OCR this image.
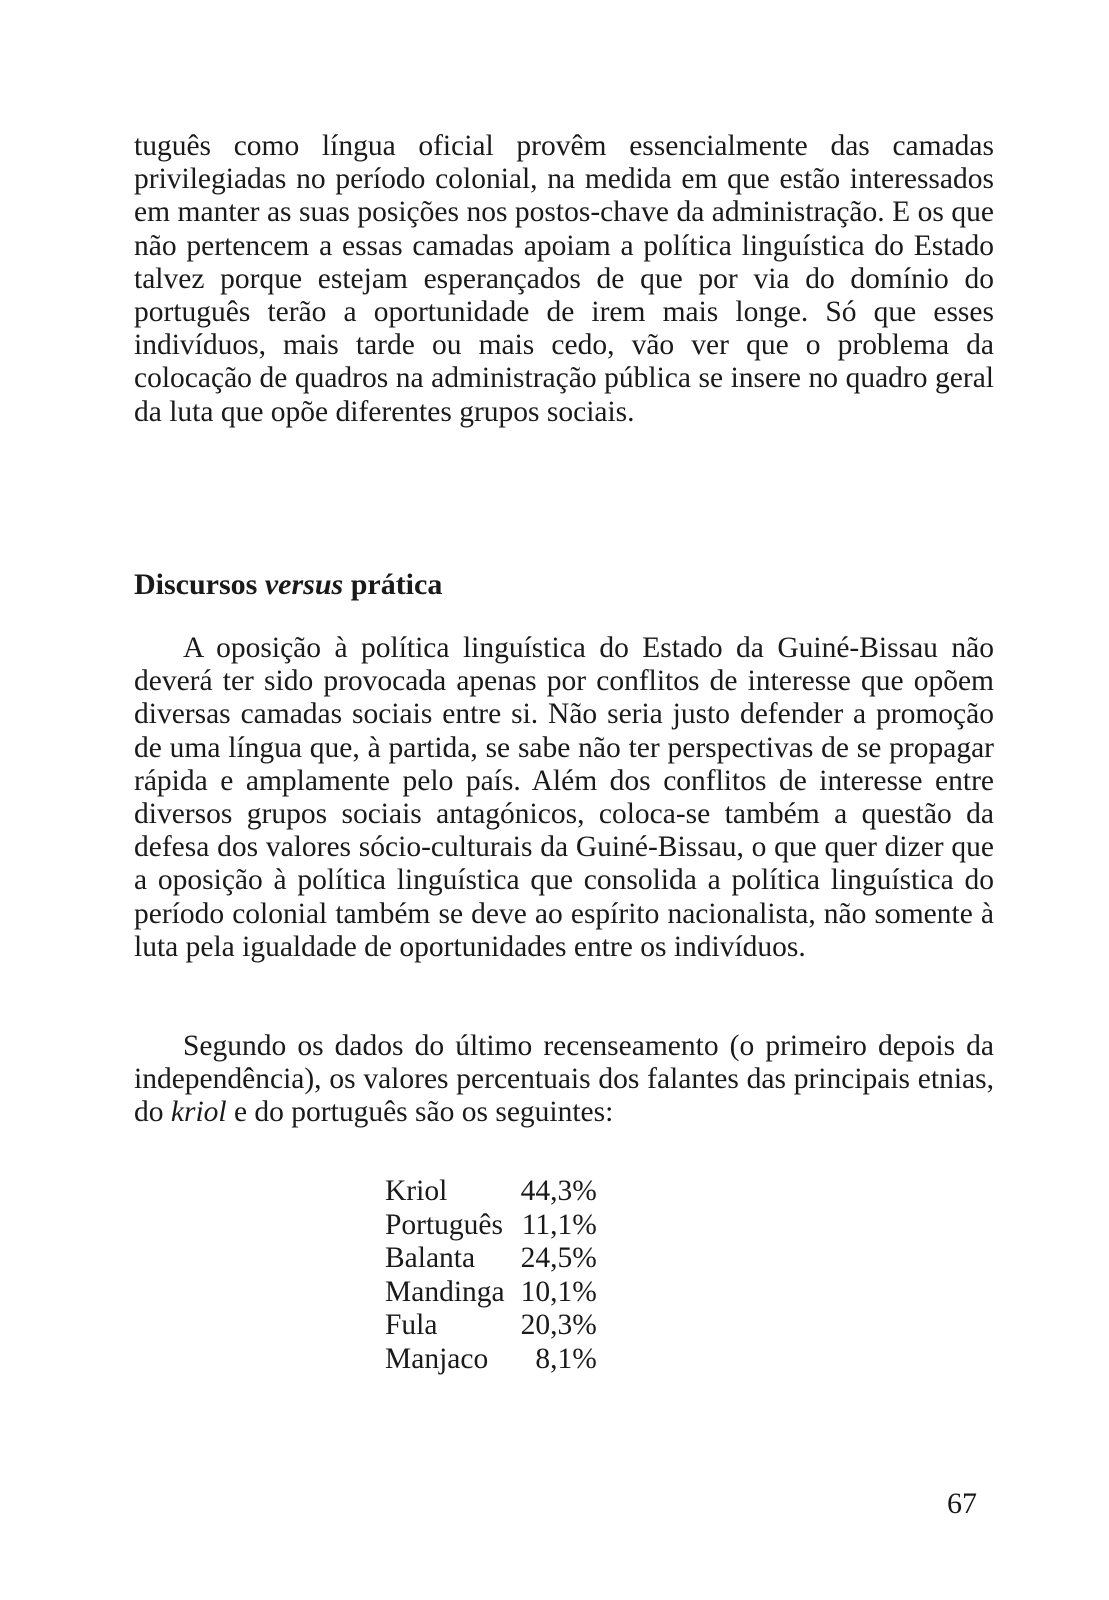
tuguês como língua oficial provêm essencialmente das camadas privilegiadas no período colonial, na medida em que estão interessados em manter as suas posições nos postos-chave da administração. E os que não pertencem a essas camadas apoiam a política linguística do Estado talvez porque estejam esperançados de que por via do domínio do português terão a oportunidade de irem mais longe. Só que esses indivíduos, mais tarde ou mais cedo, vão ver que o problema da colocação de quadros na administração pública se insere no quadro geral da luta que opõe diferentes grupos sociais.

Discursos versus prática

A oposição à política linguística do Estado da Guiné-Bissau não deverá ter sido provocada apenas por conflitos de interesse que opõem diversas camadas sociais entre si. Não seria justo defender a promoção de uma língua que, à partida, se sabe não ter perspectivas de se propagar rápida e amplamente pelo país. Além dos conflitos de interesse entre diversos grupos sociais antagónicos, coloca-se também a questão da defesa dos valores sócio-culturais da Guiné-Bissau, o que quer dizer que a oposição à política linguística que consolida a política linguística do período colonial também se deve ao espírito nacionalista, não somente à luta pela igualdade de oportunidades entre os indivíduos.

Segundo os dados do último recenseamento (o primeiro depois da independência), os valores percentuais dos falantes das principais etnias, do kriol e do português são os seguintes:

Kriol	44,3%
Português	11,1%
Balanta	24,5%
Mandinga	10,1%
Fula	20,3%
Manjaco	8,1%

67
